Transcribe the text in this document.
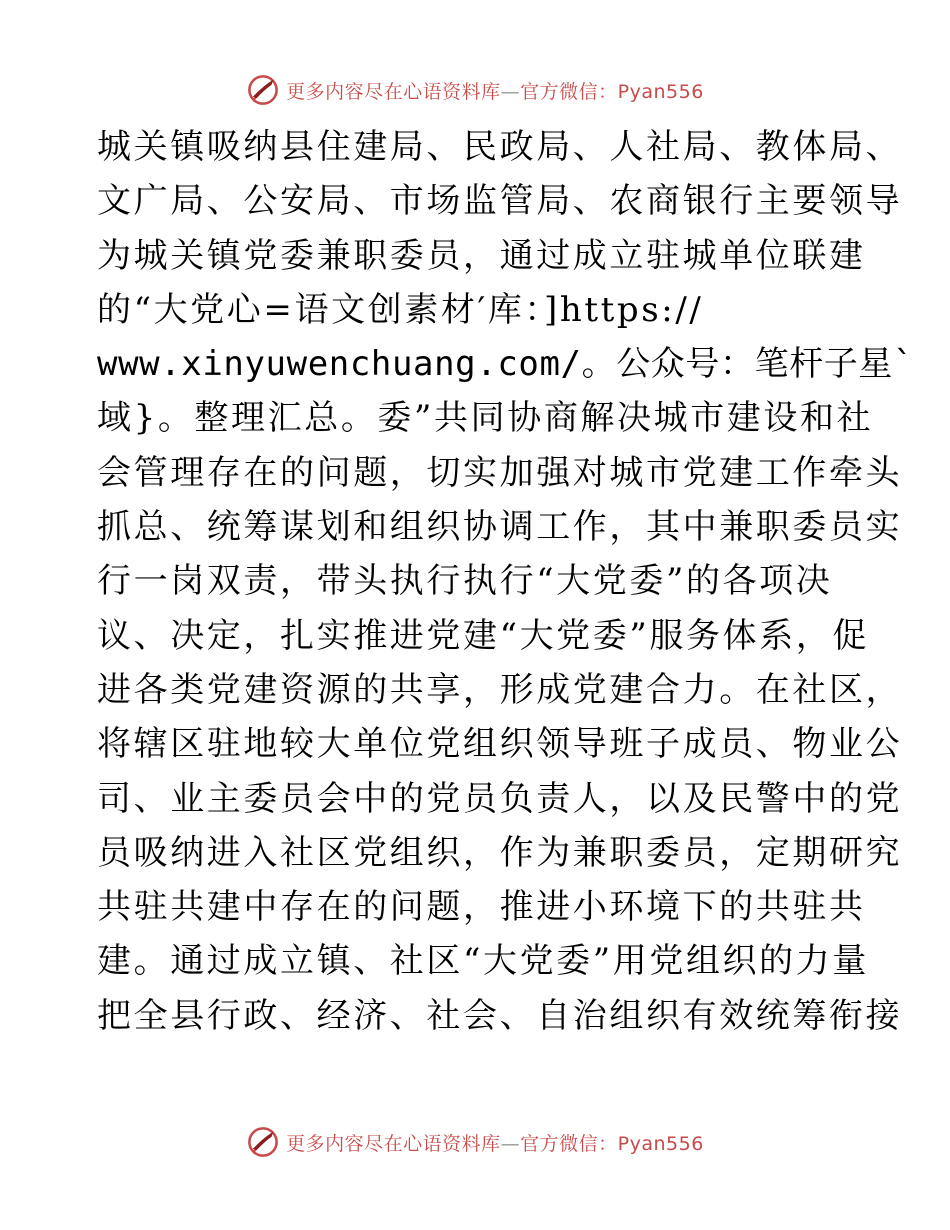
更多内容尽在心语资料库—官方微信：Pyan556
城关镇吸纳县住建局、民政局、人社局、教体局、
文广局、公安局、市场监管局、农商银行主要领导
为城关镇党委兼职委员，通过成立驻城单位联建
的“大党心=语文创素材′库：]https://
www.xinyuwenchuang.com/。公众号：笔杆子星`
域}。整理汇总。委”共同协商解决城市建设和社
会管理存在的问题，切实加强对城市党建工作牵头
抓总、统筹谋划和组织协调工作，其中兼职委员实
行一岗双责，带头执行执行“大党委”的各项决
议、决定，扎实推进党建“大党委”服务体系，促
进各类党建资源的共享，形成党建合力。在社区，
将辖区驻地较大单位党组织领导班子成员、物业公
司、业主委员会中的党员负责人，以及民警中的党
员吸纳进入社区党组织，作为兼职委员，定期研究
共驻共建中存在的问题，推进小环境下的共驻共
建。通过成立镇、社区“大党委”用党组织的力量
把全县行政、经济、社会、自治组织有效统筹衔接
更多内容尽在心语资料库—官方微信：Pyan556
